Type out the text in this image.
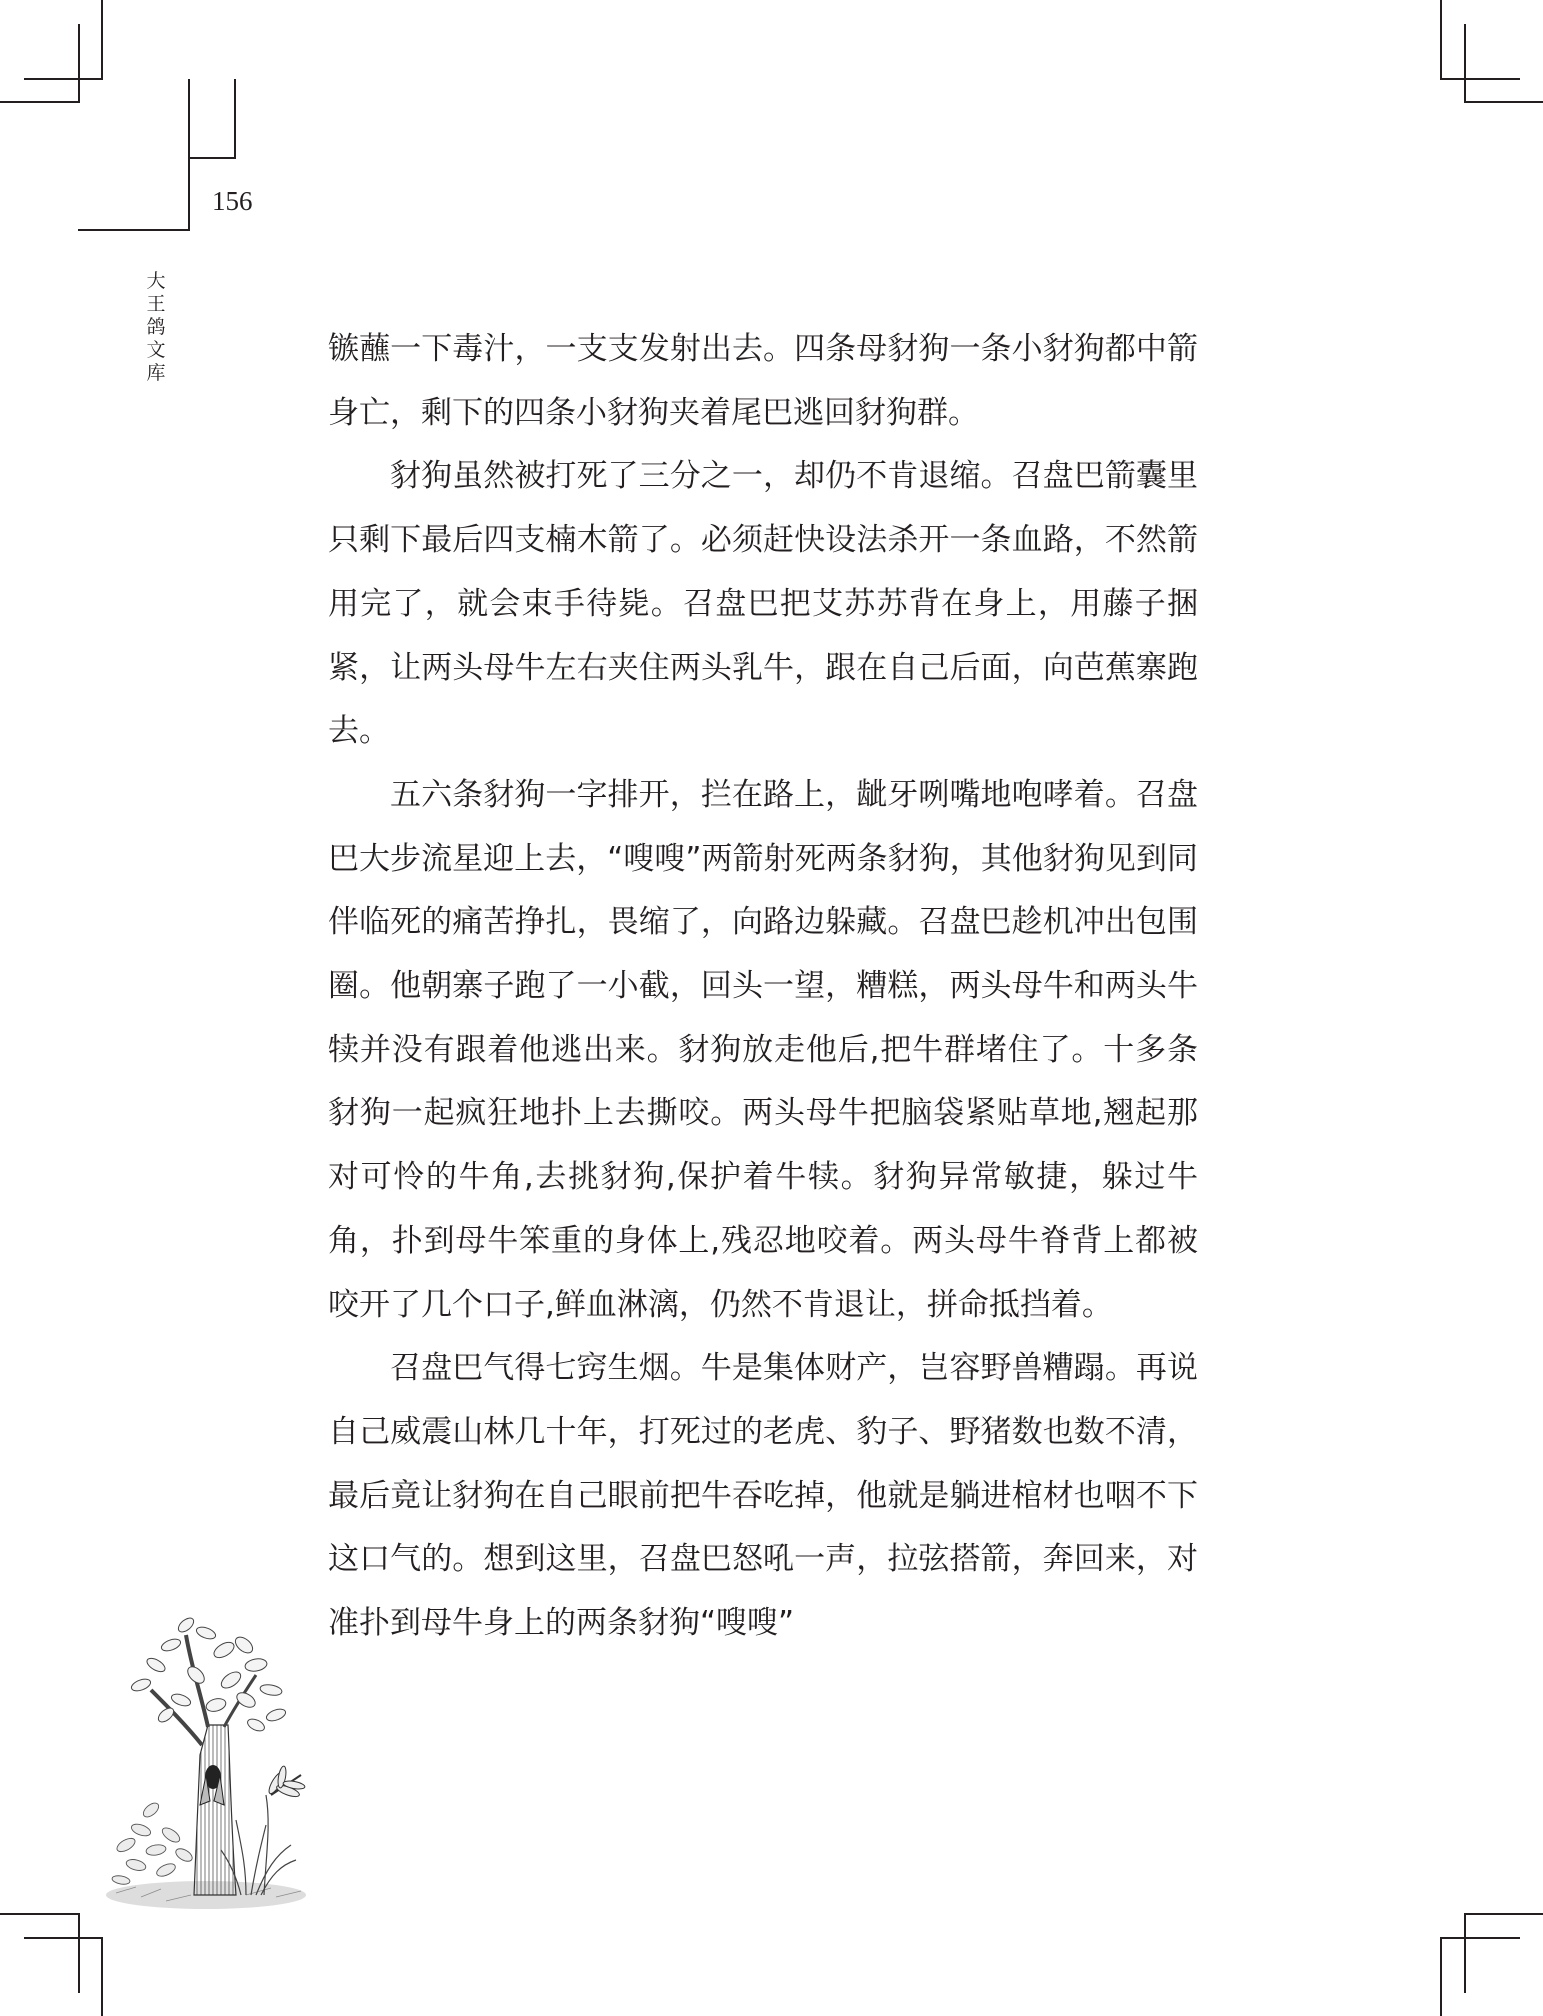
156
大王鸽文库

镞蘸一下毒汁，一支支发射出去。四条母豺狗一条小豺狗都中箭身亡，剩下的四条小豺狗夹着尾巴逃回豺狗群。

豺狗虽然被打死了三分之一，却仍不肯退缩。召盘巴箭囊里只剩下最后四支楠木箭了。必须赶快设法杀开一条血路，不然箭用完了，就会束手待毙。召盘巴把艾苏苏背在身上，用藤子捆紧，让两头母牛左右夹住两头乳牛，跟在自己后面，向芭蕉寨跑去。

五六条豺狗一字排开，拦在路上，龇牙咧嘴地咆哮着。召盘巴大步流星迎上去，“嗖嗖”两箭射死两条豺狗，其他豺狗见到同伴临死的痛苦挣扎，畏缩了，向路边躲藏。召盘巴趁机冲出包围圈。他朝寨子跑了一小截，回头一望，糟糕，两头母牛和两头牛犊并没有跟着他逃出来。豺狗放走他后,把牛群堵住了。十多条豺狗一起疯狂地扑上去撕咬。两头母牛把脑袋紧贴草地,翘起那对可怜的牛角,去挑豺狗,保护着牛犊。豺狗异常敏捷，躲过牛角，扑到母牛笨重的身体上,残忍地咬着。两头母牛脊背上都被咬开了几个口子,鲜血淋漓，仍然不肯退让，拼命抵挡着。

召盘巴气得七窍生烟。牛是集体财产，岂容野兽糟蹋。再说自己威震山林几十年，打死过的老虎、豹子、野猪数也数不清，最后竟让豺狗在自己眼前把牛吞吃掉，他就是躺进棺材也咽不下这口气的。想到这里，召盘巴怒吼一声，拉弦搭箭，奔回来，对准扑到母牛身上的两条豺狗“嗖嗖”
